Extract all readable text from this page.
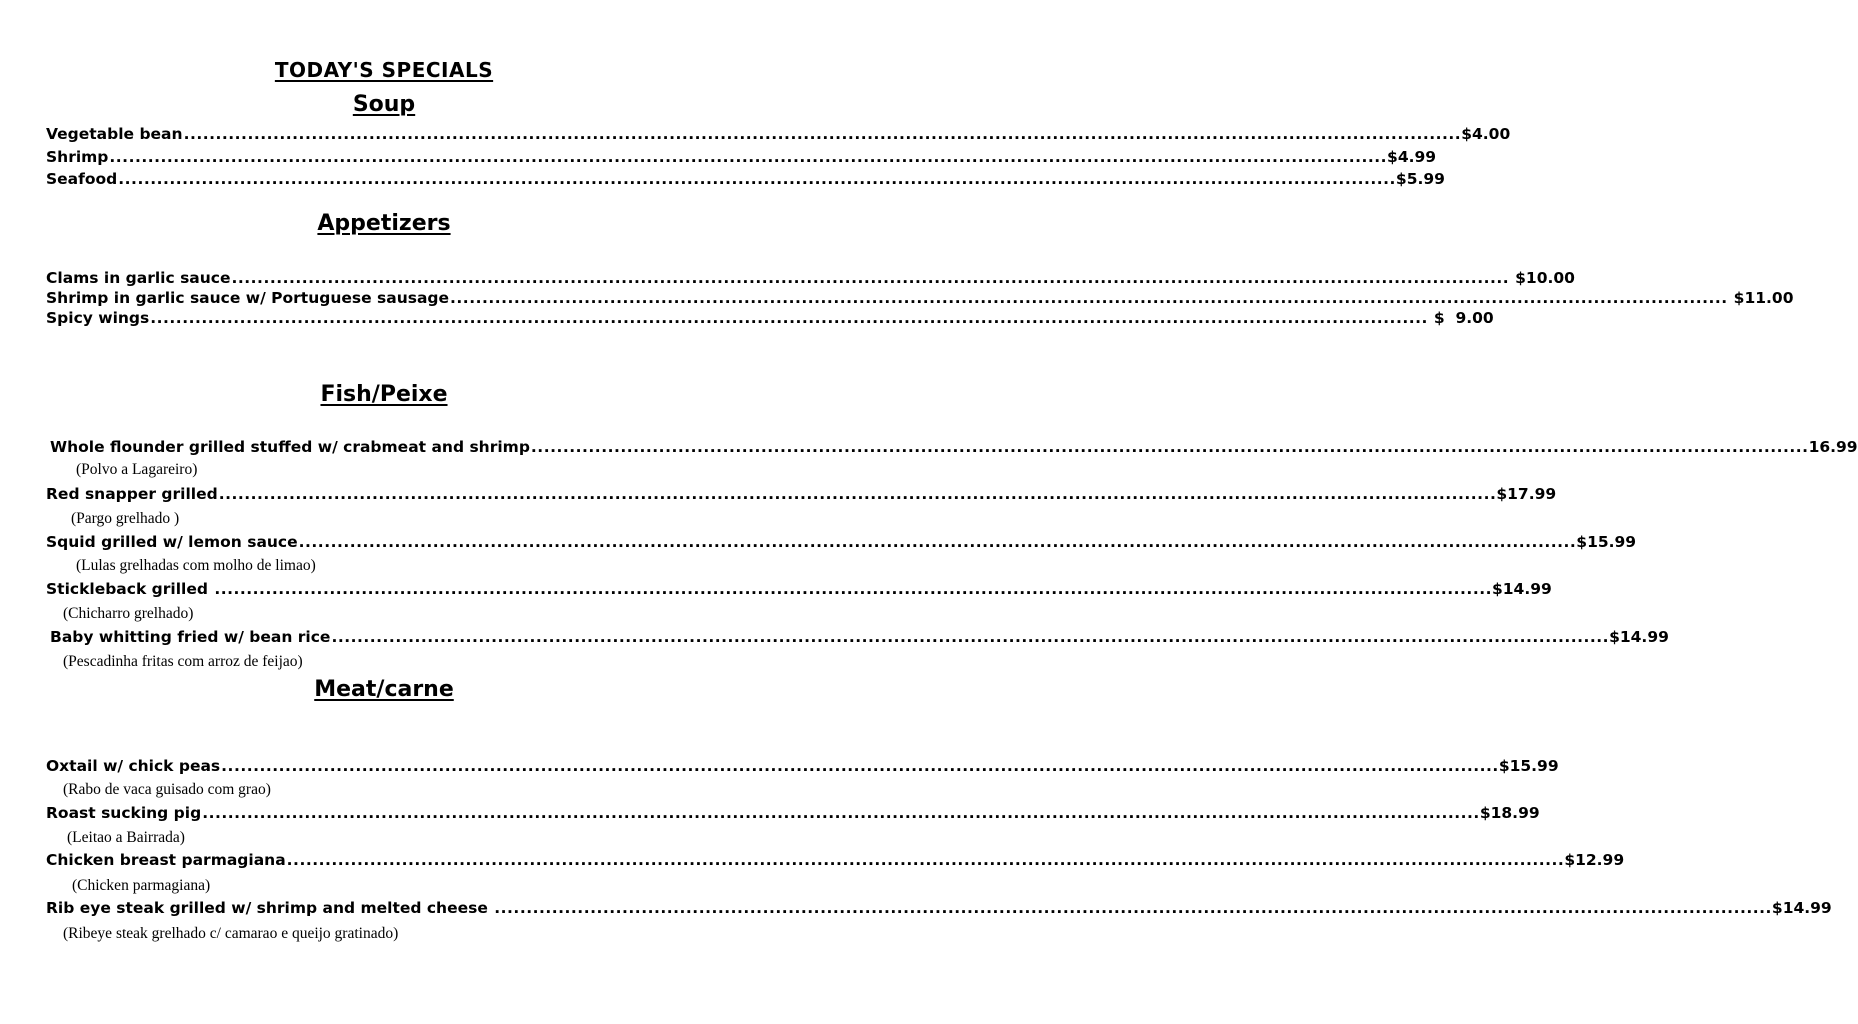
TODAY'S SPECIALS
Soup
Vegetable bean ........................................................................................................................................................................................................ $4.00
Shrimp ........................................................................................................................................................................................................ $4.99
Seafood ........................................................................................................................................................................................................ $5.99
Appetizers
Clams in garlic sauce ........................................................................................................................................................................................................ $10.00
Shrimp in garlic sauce w/ Portuguese sausage ........................................................................................................................................................................................................ $11.00
Spicy wings ........................................................................................................................................................................................................ $  9.00
Fish/Peixe
Whole flounder grilled stuffed w/ crabmeat and shrimp ........................................................................................................................................................................................................ 16.99
(Polvo a Lagareiro)
Red snapper grilled ........................................................................................................................................................................................................ $17.99
(Pargo grelhado )
Squid grilled w/ lemon sauce ........................................................................................................................................................................................................ $15.99
(Lulas grelhadas com molho de limao)
Stickleback grilled ........................................................................................................................................................................................................ $14.99
(Chicharro grelhado)
Baby whitting fried w/ bean rice ........................................................................................................................................................................................................ $14.99
(Pescadinha fritas com arroz de feijao)
Meat/carne
Oxtail w/ chick peas ........................................................................................................................................................................................................ $15.99
(Rabo de vaca guisado com grao)
Roast sucking pig ........................................................................................................................................................................................................ $18.99
(Leitao a Bairrada)
Chicken breast parmagiana ........................................................................................................................................................................................................ $12.99
(Chicken parmagiana)
Rib eye steak grilled w/ shrimp and melted cheese ........................................................................................................................................................................................................ $14.99
(Ribeye steak grelhado c/ camarao e queijo gratinado)
